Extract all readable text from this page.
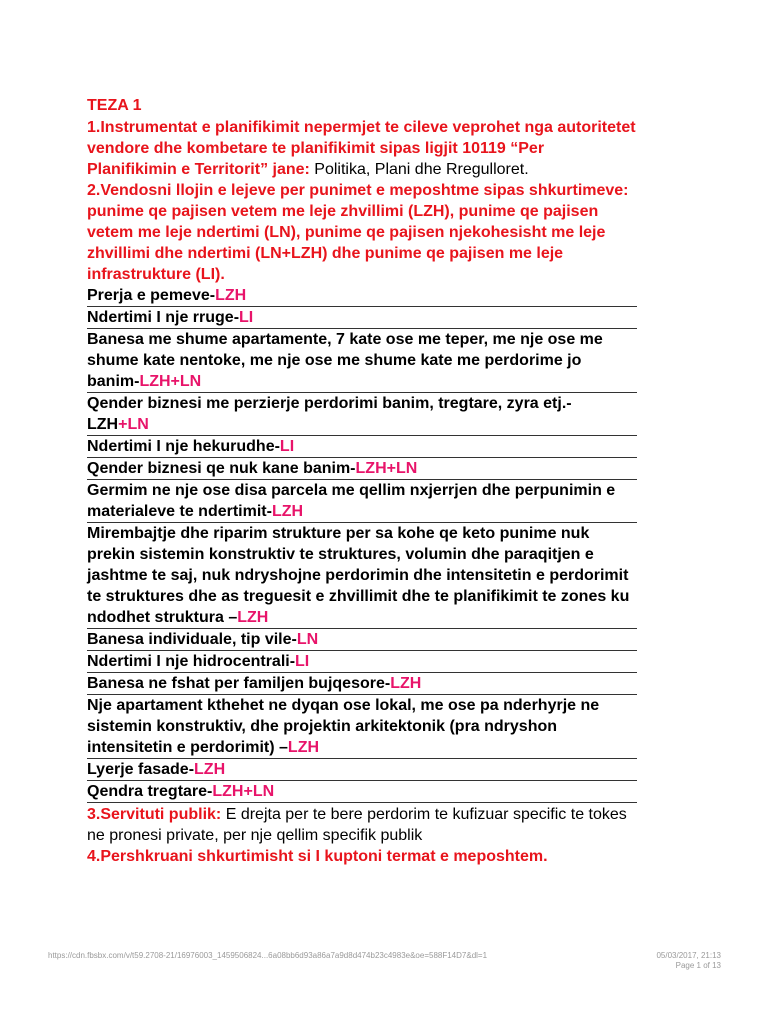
TEZA 1
1.Instrumentat e planifikimit nepermjet te cileve veprohet nga autoritetet vendore dhe kombetare te planifikimit sipas ligjit 10119 “Per Planifikimin e Territorit” jane: Politika, Plani dhe Rregulloret.
2.Vendosni llojin e lejeve per punimet e meposhtme sipas shkurtimeve: punime qe pajisen vetem me leje zhvillimi (LZH), punime qe pajisen vetem me leje ndertimi (LN), punime qe pajisen njekohesisht me leje zhvillimi dhe ndertimi (LN+LZH) dhe punime qe pajisen me leje infrastrukture (LI).
Prerja e pemeve-LZH
Ndertimi I nje rruge-LI
Banesa me shume apartamente, 7 kate ose me teper, me nje ose me shume kate nentoke, me nje ose me shume kate me perdorime jo banim-LZH+LN
Qender biznesi me perzierje perdorimi banim, tregtare, zyra etj.- LZH+LN
Ndertimi I nje hekurudhe-LI
Qender biznesi qe nuk kane banim-LZH+LN
Germim ne nje ose disa parcela me qellim nxjerrjen dhe perpunimin e materialeve te ndertimit-LZH
Mirembajtje dhe riparim strukture per sa kohe qe keto punime nuk prekin sistemin konstruktiv te struktures, volumin dhe paraqitjen e jashtme te saj, nuk ndryshojne perdorimin dhe intensitetin e perdorimit te struktures dhe as treguesit e zhvillimit dhe te planifikimit te zones ku ndodhet struktura –LZH
Banesa individuale, tip vile-LN
Ndertimi I nje hidrocentrali-LI
Banesa ne fshat per familjen bujqesore-LZH
Nje apartament kthehet ne dyqan ose lokal, me ose pa nderhyrje ne sistemin konstruktiv, dhe projektin arkitektonik (pra ndryshon intensitetin e perdorimit) –LZH
Lyerje fasade-LZH
Qendra tregtare-LZH+LN
3.Servituti publik: E drejta per te bere perdorim te kufizuar specific te tokes ne pronesi private, per nje qellim specifik publik
4.Pershkruani shkurtimisht si I kuptoni termat e meposhtem.
https://cdn.fbsbx.com/v/t59.2708-21/16976003_1459506824...6a08bb6d93a86a7a9d8d474b23c4983e&oe=588F14D7&dl=1	05/03/2017, 21:13
Page 1 of 13
